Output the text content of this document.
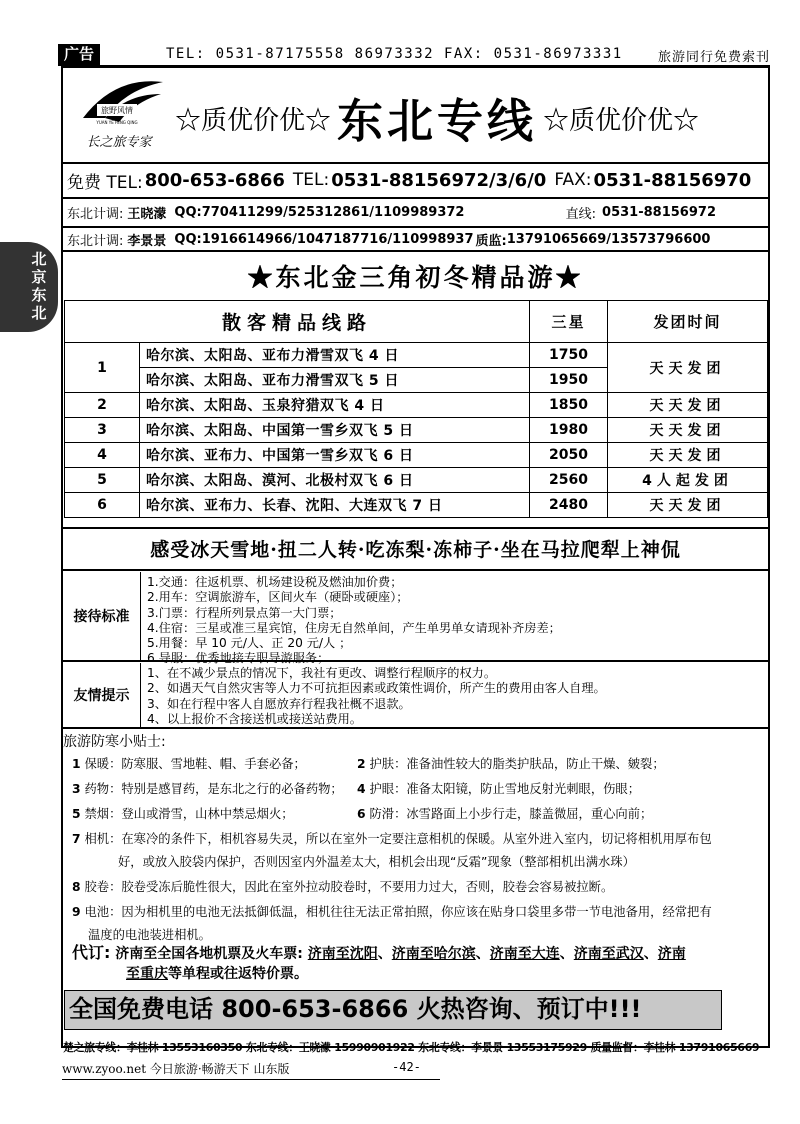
广告	TEL: 0531-87175558 86973332 FAX: 0531-86973331	旅游同行免费索刊
北
京
东
北
旅野风情
YUAN YE FENG QING
长之旅专家
☆质优价优☆ 东北专线 ☆质优价优☆
免费 TEL: 800-653-6866 TEL: 0531-88156972/3/6/0 FAX: 0531-88156970
东北计调: 王晓濛 QQ:770411299/525312861/1109989372	直线: 0531-88156972
东北计调: 李景景 QQ:1916614966/1047187716/110998937 质监: 13791065669/13573796600
★东北金三角初冬精品游★
散客精品线路		三星	发团时间
1	哈尔滨、太阳岛、亚布力滑雪双飞 4 日	1750	天天发团
	哈尔滨、太阳岛、亚布力滑雪双飞 5 日	1950	
2	哈尔滨、太阳岛、玉泉狩猎双飞 4 日	1850	天天发团
3	哈尔滨、太阳岛、中国第一雪乡双飞 5 日	1980	天天发团
4	哈尔滨、亚布力、中国第一雪乡双飞 6 日	2050	天天发团
5	哈尔滨、太阳岛、漠河、北极村双飞 6 日	2560	4人起发团
6	哈尔滨、亚布力、长春、沈阳、大连双飞 7 日	2480	天天发团
感受冰天雪地·扭二人转·吃冻梨·冻柿子·坐在马拉爬犁上神侃
接待标准
1.交通：往返机票、机场建设税及燃油加价费；
2.用车：空调旅游车，区间火车（硬卧或硬座）；
3.门票：行程所列景点第一大门票；
4.住宿：三星或准三星宾馆，住房无自然单间，产生单男单女请现补齐房差；
5.用餐：早 10 元/人、正 20 元/人 ；
6.导服：优秀地接专职导游服务；
友情提示
1、在不减少景点的情况下，我社有更改、调整行程顺序的权力。
2、如遇天气自然灾害等人力不可抗拒因素或政策性调价，所产生的费用由客人自理。
3、如在行程中客人自愿放弃行程我社概不退款。
4、以上报价不含接送机或接送站费用。
旅游防寒小贴士:
1 保暖：防寒服、雪地鞋、帽、手套必备；	2 护肤：准备油性较大的脂类护肤品，防止干燥、皴裂；
3 药物：特别是感冒药，是东北之行的必备药物； 4 护眼：准备太阳镜，防止雪地反射光刺眼，伤眼；
5 禁烟：登山或滑雪，山林中禁忌烟火；	6 防滑：冰雪路面上小步行走，膝盖微屈，重心向前；
7 相机：在寒冷的条件下，相机容易失灵，所以在室外一定要注意相机的保暖。从室外进入室内，切记将相机用厚布包
好，或放入胶袋内保护，否则因室内外温差太大，相机会出现“反霜”现象（整部相机出满水珠）
8 胶卷：胶卷受冻后脆性很大，因此在室外拉动胶卷时，不要用力过大，否则，胶卷会容易被拉断。
9 电池：因为相机里的电池无法抵御低温，相机往往无法正常拍照，你应该在贴身口袋里多带一节电池备用，经常把有
温度的电池装进相机。
代订: 济南至全国各地机票及火车票: 济南至沈阳、济南至哈尔滨、济南至大连、济南至武汉、济南
至重庆等单程或往返特价票。
全国免费电话 800-653-6866 火热咨询、预订中!!!
楚之旅专线：李桂林 13553160350 东北专线：王晓濛 15990901922 东北专线：李景景 13553175929 质量监督：李桂林 13791065669
www.zyoo.net 今日旅游·畅游天下 山东版	-42-
